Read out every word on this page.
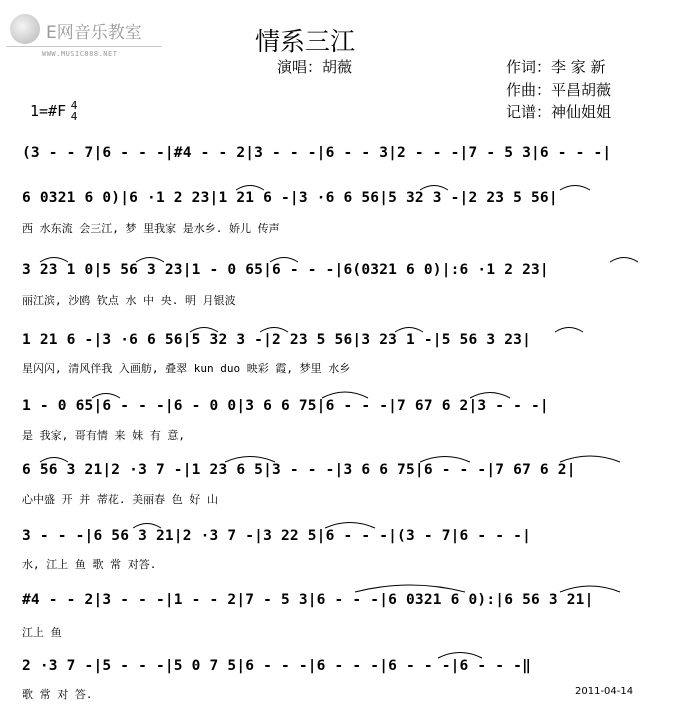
E网音乐教室
WWW.MUSIC888.NET	情系三江
演唱：胡薇	作词：李 家 新
作曲：平昌胡薇
记谱：神仙姐姐
1=#F 4
4
(3 - - 7|6 - - -|#4 - - 2|3 - - -|6 - - 3|2 - - -|7 - 5 3|6 - - -|
6 0321 6 0)|6 ·1 2 23|1 21 6 -|3 ·6 6 56|5 32 3 -|2 23 5 56|
西 水东流 会三江, 梦 里我家 是水乡. 娇儿 传声
3 23 1 0|5 56 3 23|1 - 0 65|6 - - -|6(0321 6 0)|:6 ·1 2 23|
丽江滨, 沙鸥 钦点 水 中 央. 明 月银波
1 21 6 -|3 ·6 6 56|5 32 3 -|2 23 5 56|3 23 1 -|5 56 3 23|
星闪闪, 清风伴我 入画舫, 叠翠 kun duo 映彩 霞, 梦里 水乡
1 - 0 65|6 - - -|6 - 0 0|3 6 6 75|6 - - -|7 67 6 2|3 - - -|
是 我家, 哥有情 来 妹 有 意,
6 56 3 21|2 ·3 7 -|1 23 6 5|3 - - -|3 6 6 75|6 - - -|7 67 6 2|
心中盛 开 并 蒂花. 美丽春 色 好 山
3 - - -|6 56 3 21|2 ·3 7 -|3 22 5|6 - - -|(3 - 7|6 - - -|
水, 江上 鱼 歌 常 对答.
#4 - - 2|3 - - -|1 - - 2|7 - 5 3|6 - - -|6 0321 6 0):|6 56 3 21|
江上 鱼
2 ·3 7 -|5 - - -|5 0 7 5|6 - - -|6 - - -|6 - - -|6 - - -‖
歌 常 对 答.	2011-04-14
